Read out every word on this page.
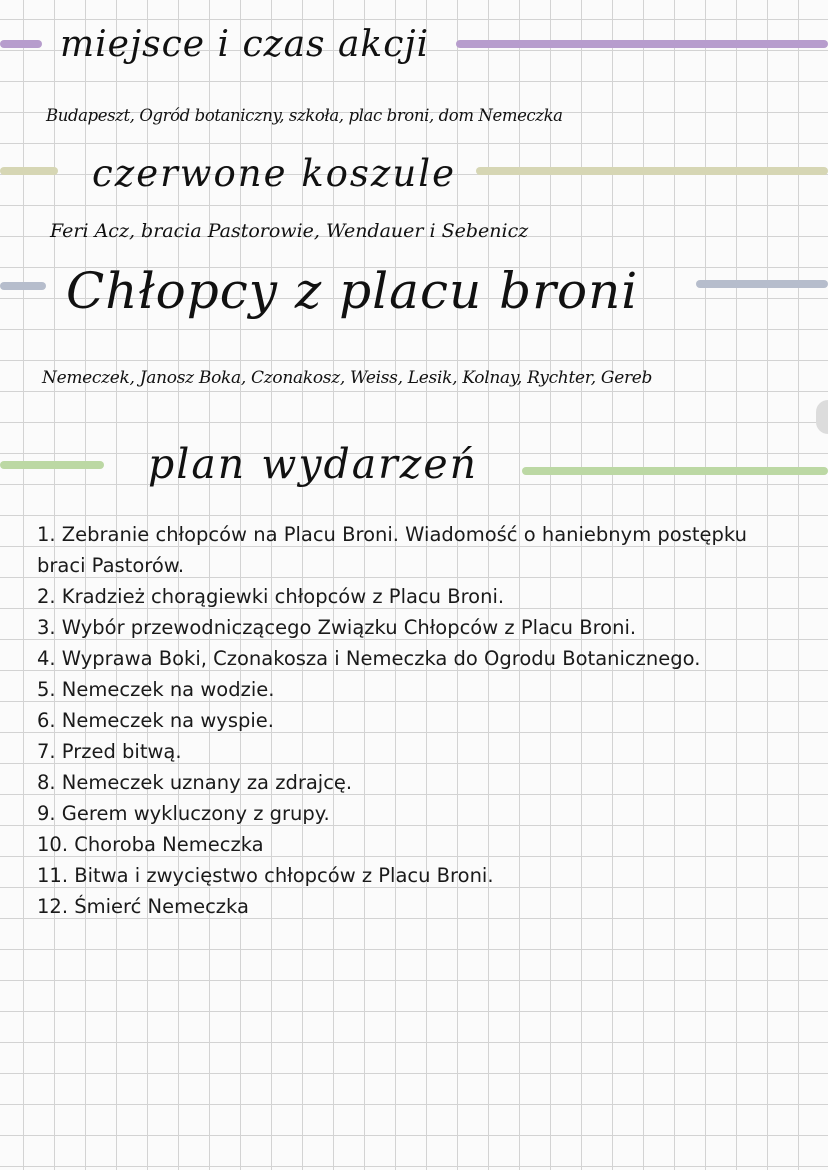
miejsce i czas akcji

Budapeszt, Ogród botaniczny, szkoła, plac broni, dom Nemeczka

czerwone koszule

Feri Acz, bracia Pastorowie, Wendauer i Sebenicz

Chłopcy z placu broni

Nemeczek, Janosz Boka, Czonakosz, Weiss, Lesik, Kolnay, Rychter, Gereb

plan wydarzeń
1. Zebranie chłopców na Placu Broni. Wiadomość o haniebnym postępku braci Pastorów.
2. Kradzież chorągiewki chłopców z Placu Broni.
3. Wybór przewodniczącego Związku Chłopców z Placu Broni.
4. Wyprawa Boki, Czonakosza i Nemeczka do Ogrodu Botanicznego.
5. Nemeczek na wodzie.
6. Nemeczek na wyspie.
7. Przed bitwą.
8. Nemeczek uznany za zdrajcę.
9. Gerem wykluczony z grupy.
10. Choroba Nemeczka
11. Bitwa i zwycięstwo chłopców z Placu Broni.
12. Śmierć Nemeczka
